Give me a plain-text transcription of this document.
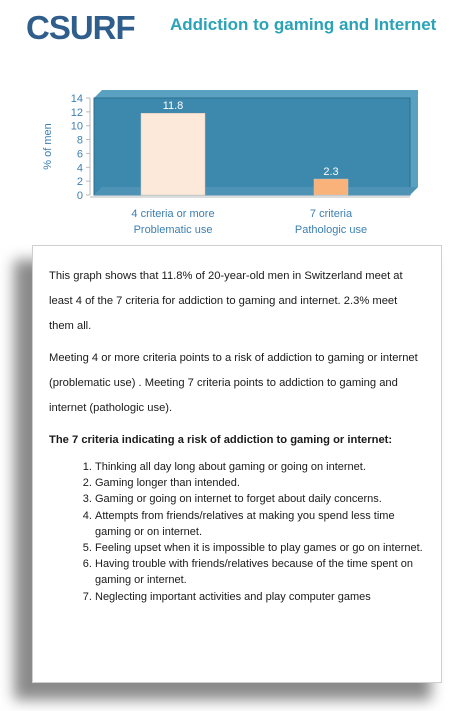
CSURF Addiction to gaming and Internet
0
2
4
6
8
10
12
14
% of men
11.8
4 criteria or more
Problematic use
2.3
7 criteria
Pathologic use

This graph shows that 11.8% of 20-year-old men in Switzerland meet at least 4 of the 7 criteria for addiction to gaming and internet. 2.3% meet them all.

Meeting 4 or more criteria points to a risk of addiction to gaming or internet (problematic use) . Meeting 7 criteria points to addiction to gaming and internet (pathologic use).

The 7 criteria indicating a risk of addiction to gaming or internet:

1. Thinking all day long about gaming or going on internet.
2. Gaming longer than intended.
3. Gaming or going on internet to forget about daily concerns.
4. Attempts from friends/relatives at making you spend less time gaming or on internet.
5. Feeling upset when it is impossible to play games or go on internet.
6. Having trouble with friends/relatives because of the time spent on gaming or internet.
7. Neglecting important activities and play computer games
